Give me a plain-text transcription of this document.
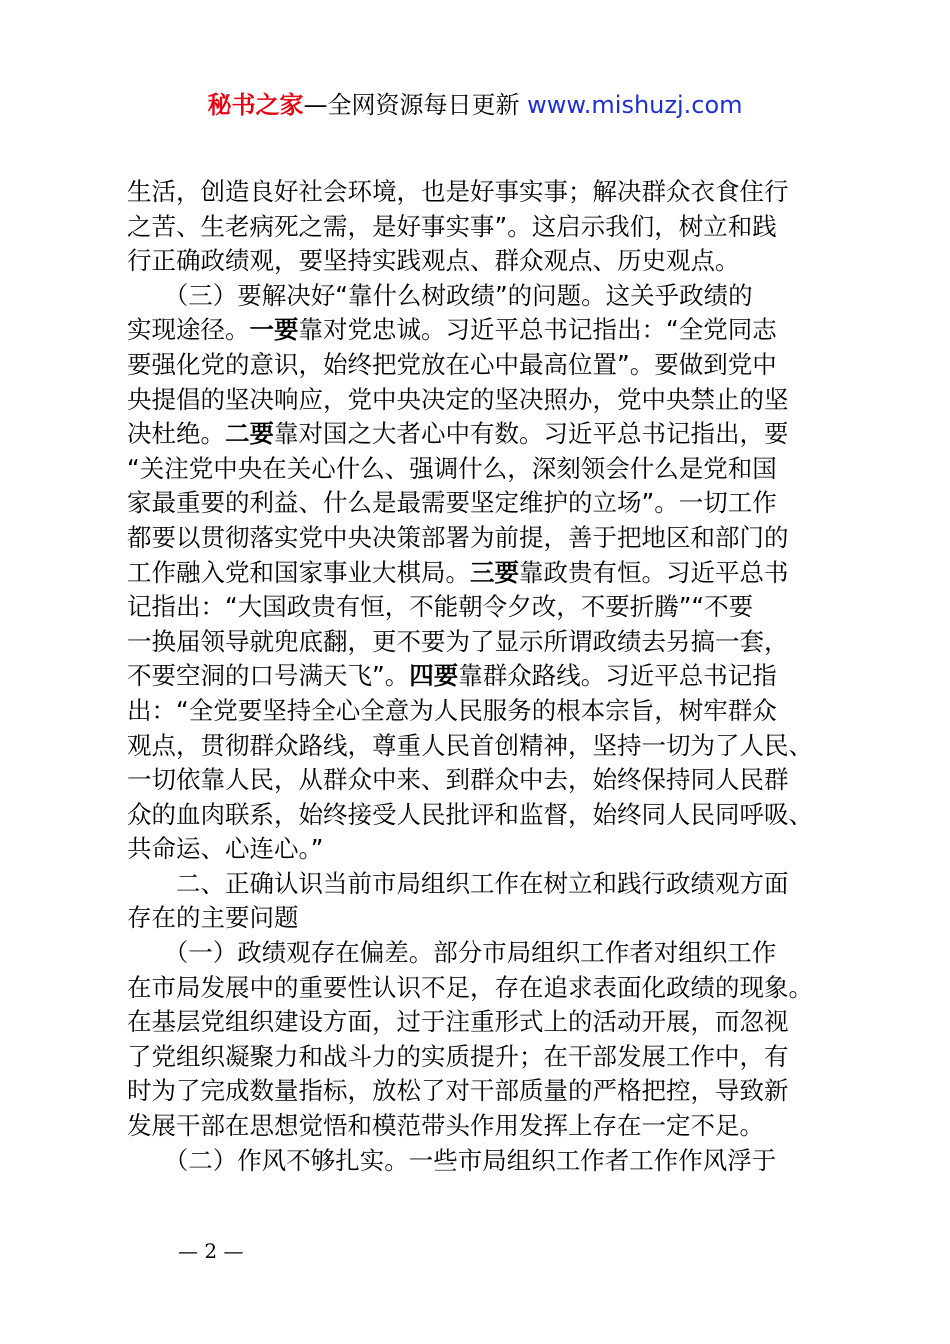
秘书之家—全网资源每日更新 www.mishuzj.com
生活，创造良好社会环境，也是好事实事；解决群众衣食住行
之苦、生老病死之需，是好事实事”。这启示我们，树立和践
行正确政绩观，要坚持实践观点、群众观点、历史观点。
　　（三）要解决好“靠什么树政绩”的问题。这关乎政绩的
实现途径。一要靠对党忠诚。习近平总书记指出：“全党同志
要强化党的意识，始终把党放在心中最高位置”。要做到党中
央提倡的坚决响应，党中央决定的坚决照办，党中央禁止的坚
决杜绝。二要靠对国之大者心中有数。习近平总书记指出，要
“关注党中央在关心什么、强调什么，深刻领会什么是党和国
家最重要的利益、什么是最需要坚定维护的立场”。一切工作
都要以贯彻落实党中央决策部署为前提，善于把地区和部门的
工作融入党和国家事业大棋局。三要靠政贵有恒。习近平总书
记指出：“大国政贵有恒，不能朝令夕改，不要折腾”“不要
一换届领导就兜底翻，更不要为了显示所谓政绩去另搞一套，
不要空洞的口号满天飞”。四要靠群众路线。习近平总书记指
出：“全党要坚持全心全意为人民服务的根本宗旨，树牢群众
观点，贯彻群众路线，尊重人民首创精神，坚持一切为了人民、
一切依靠人民，从群众中来、到群众中去，始终保持同人民群
众的血肉联系，始终接受人民批评和监督，始终同人民同呼吸、
共命运、心连心。”
　　二、正确认识当前市局组织工作在树立和践行政绩观方面
存在的主要问题
　　（一）政绩观存在偏差。部分市局组织工作者对组织工作
在市局发展中的重要性认识不足，存在追求表面化政绩的现象。
在基层党组织建设方面，过于注重形式上的活动开展，而忽视
了党组织凝聚力和战斗力的实质提升；在干部发展工作中，有
时为了完成数量指标，放松了对干部质量的严格把控，导致新
发展干部在思想觉悟和模范带头作用发挥上存在一定不足。
　　（二）作风不够扎实。一些市局组织工作者工作作风浮于
— 2 —
